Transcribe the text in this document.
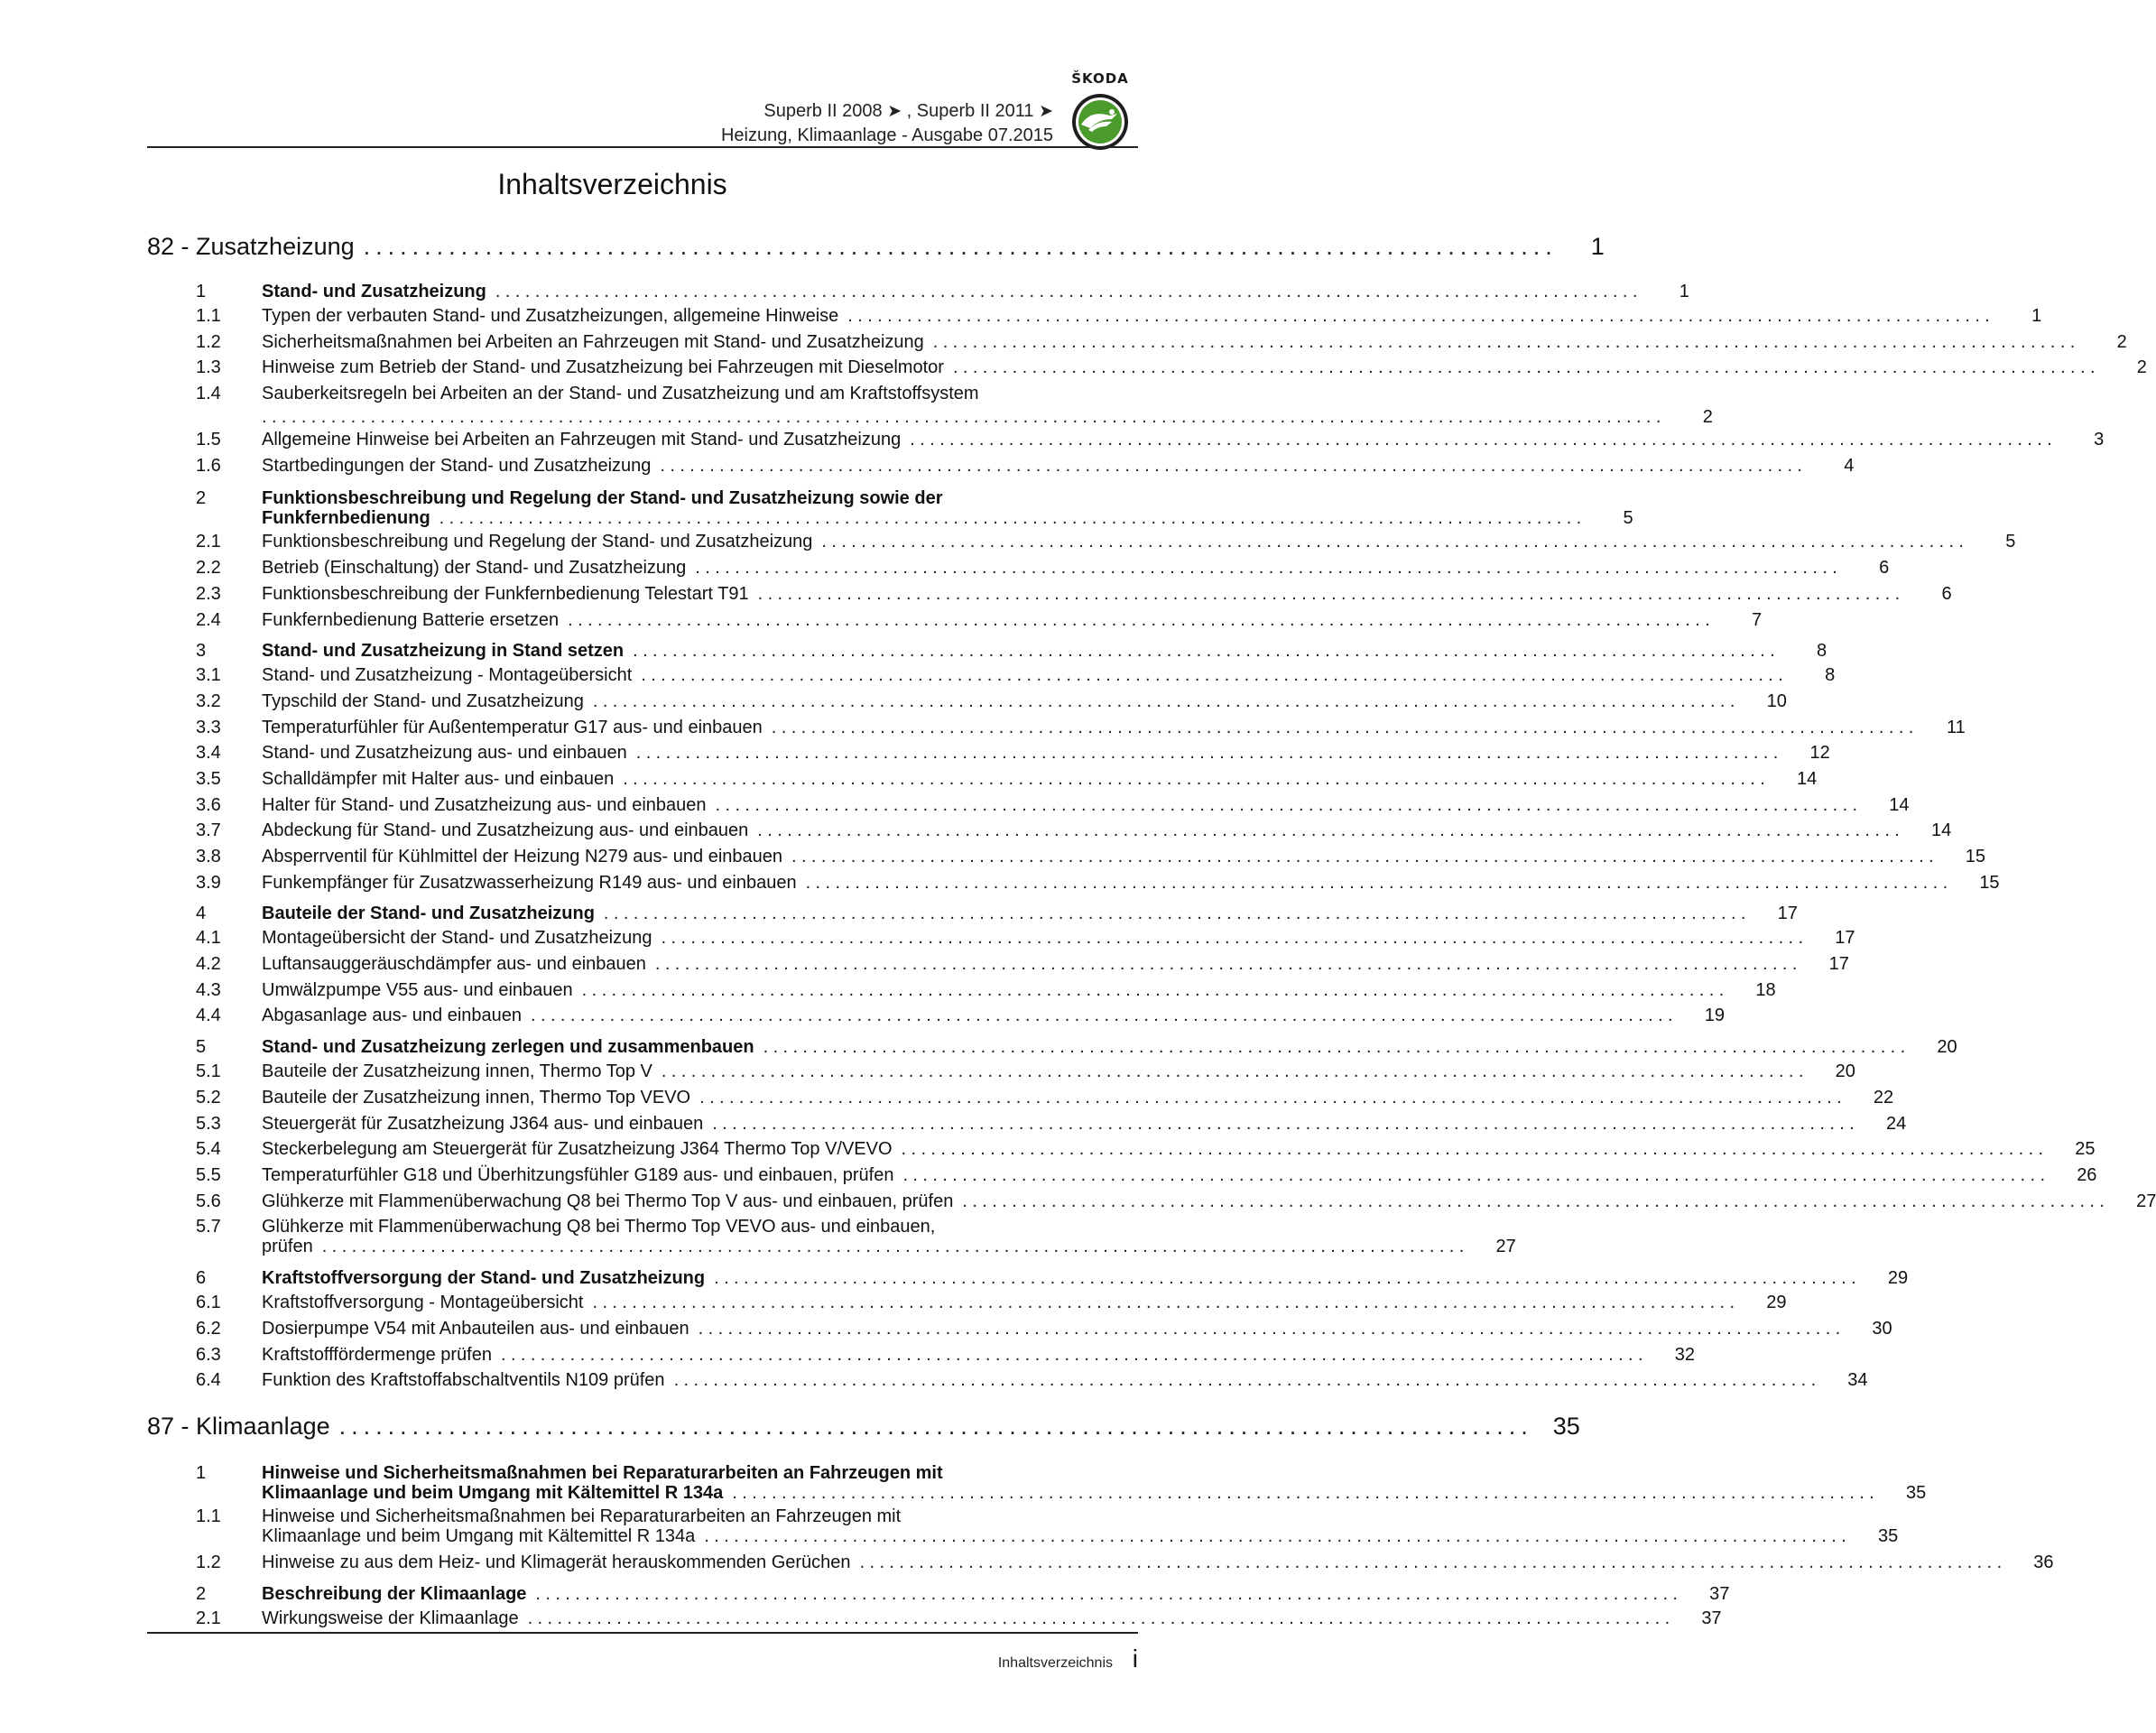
ŠKODA
Superb II 2008 ➤ , Superb II 2011 ➤
Heizung, Klimaanlage - Ausgabe 07.2015
Inhaltsverzeichnis
82 - Zusatzheizung ..................................................................................................	1
1	Stand- und Zusatzheizung ....................................................................................................................	1
1.1	Typen der verbauten Stand- und Zusatzheizungen, allgemeine Hinweise ....................................................................................................................	1
1.2	Sicherheitsmaßnahmen bei Arbeiten an Fahrzeugen mit Stand- und Zusatzheizung ....................................................................................................................	2
1.3	Hinweise zum Betrieb der Stand- und Zusatzheizung bei Fahrzeugen mit Dieselmotor ....................................................................................................................	2
1.4	Sauberkeitsregeln bei Arbeiten an der Stand- und Zusatzheizung und am Kraftstoffsystem
..............................................................................................................................................	2
1.5	Allgemeine Hinweise bei Arbeiten an Fahrzeugen mit Stand- und Zusatzheizung ....................................................................................................................	3
1.6	Startbedingungen der Stand- und Zusatzheizung ....................................................................................................................	4
2	Funktionsbeschreibung und Regelung der Stand- und Zusatzheizung sowie der
Funkfernbedienung ....................................................................................................................	5
2.1	Funktionsbeschreibung und Regelung der Stand- und Zusatzheizung ....................................................................................................................	5
2.2	Betrieb (Einschaltung) der Stand- und Zusatzheizung ....................................................................................................................	6
2.3	Funktionsbeschreibung der Funkfernbedienung Telestart T91 ....................................................................................................................	6
2.4	Funkfernbedienung Batterie ersetzen ....................................................................................................................	7
3	Stand- und Zusatzheizung in Stand setzen ....................................................................................................................	8
3.1	Stand- und Zusatzheizung - Montageübersicht ....................................................................................................................	8
3.2	Typschild der Stand- und Zusatzheizung ....................................................................................................................	10
3.3	Temperaturfühler für Außentemperatur G17 aus- und einbauen ....................................................................................................................	11
3.4	Stand- und Zusatzheizung aus- und einbauen ....................................................................................................................	12
3.5	Schalldämpfer mit Halter aus- und einbauen ....................................................................................................................	14
3.6	Halter für Stand- und Zusatzheizung aus- und einbauen ....................................................................................................................	14
3.7	Abdeckung für Stand- und Zusatzheizung aus- und einbauen ....................................................................................................................	14
3.8	Absperrventil für Kühlmittel der Heizung N279 aus- und einbauen ....................................................................................................................	15
3.9	Funkempfänger für Zusatzwasserheizung R149 aus- und einbauen ....................................................................................................................	15
4	Bauteile der Stand- und Zusatzheizung ....................................................................................................................	17
4.1	Montageübersicht der Stand- und Zusatzheizung ....................................................................................................................	17
4.2	Luftansauggeräuschdämpfer aus- und einbauen ....................................................................................................................	17
4.3	Umwälzpumpe V55 aus- und einbauen ....................................................................................................................	18
4.4	Abgasanlage aus- und einbauen ....................................................................................................................	19
5	Stand- und Zusatzheizung zerlegen und zusammenbauen ....................................................................................................................	20
5.1	Bauteile der Zusatzheizung innen, Thermo Top V ....................................................................................................................	20
5.2	Bauteile der Zusatzheizung innen, Thermo Top VEVO ....................................................................................................................	22
5.3	Steuergerät für Zusatzheizung J364 aus- und einbauen ....................................................................................................................	24
5.4	Steckerbelegung am Steuergerät für Zusatzheizung J364 Thermo Top V/VEVO ....................................................................................................................	25
5.5	Temperaturfühler G18 und Überhitzungsfühler G189 aus- und einbauen, prüfen ....................................................................................................................	26
5.6	Glühkerze mit Flammenüberwachung Q8 bei Thermo Top V aus- und einbauen, prüfen ....................................................................................................................	27
5.7	Glühkerze mit Flammenüberwachung Q8 bei Thermo Top VEVO aus- und einbauen,
prüfen ....................................................................................................................	27
6	Kraftstoffversorgung der Stand- und Zusatzheizung ....................................................................................................................	29
6.1	Kraftstoffversorgung - Montageübersicht ....................................................................................................................	29
6.2	Dosierpumpe V54 mit Anbauteilen aus- und einbauen ....................................................................................................................	30
6.3	Kraftstofffördermenge prüfen ....................................................................................................................	32
6.4	Funktion des Kraftstoffabschaltventils N109 prüfen ....................................................................................................................	34
87 - Klimaanlage .................................................................................................. 35
1	Hinweise und Sicherheitsmaßnahmen bei Reparaturarbeiten an Fahrzeugen mit
Klimaanlage und beim Umgang mit Kältemittel R 134a ....................................................................................................................	35
1.1	Hinweise und Sicherheitsmaßnahmen bei Reparaturarbeiten an Fahrzeugen mit
Klimaanlage und beim Umgang mit Kältemittel R 134a ....................................................................................................................	35
1.2	Hinweise zu aus dem Heiz- und Klimagerät herauskommenden Gerüchen ....................................................................................................................	36
2	Beschreibung der Klimaanlage ....................................................................................................................	37
2.1	Wirkungsweise der Klimaanlage ....................................................................................................................	37
Inhaltsverzeichnis i
